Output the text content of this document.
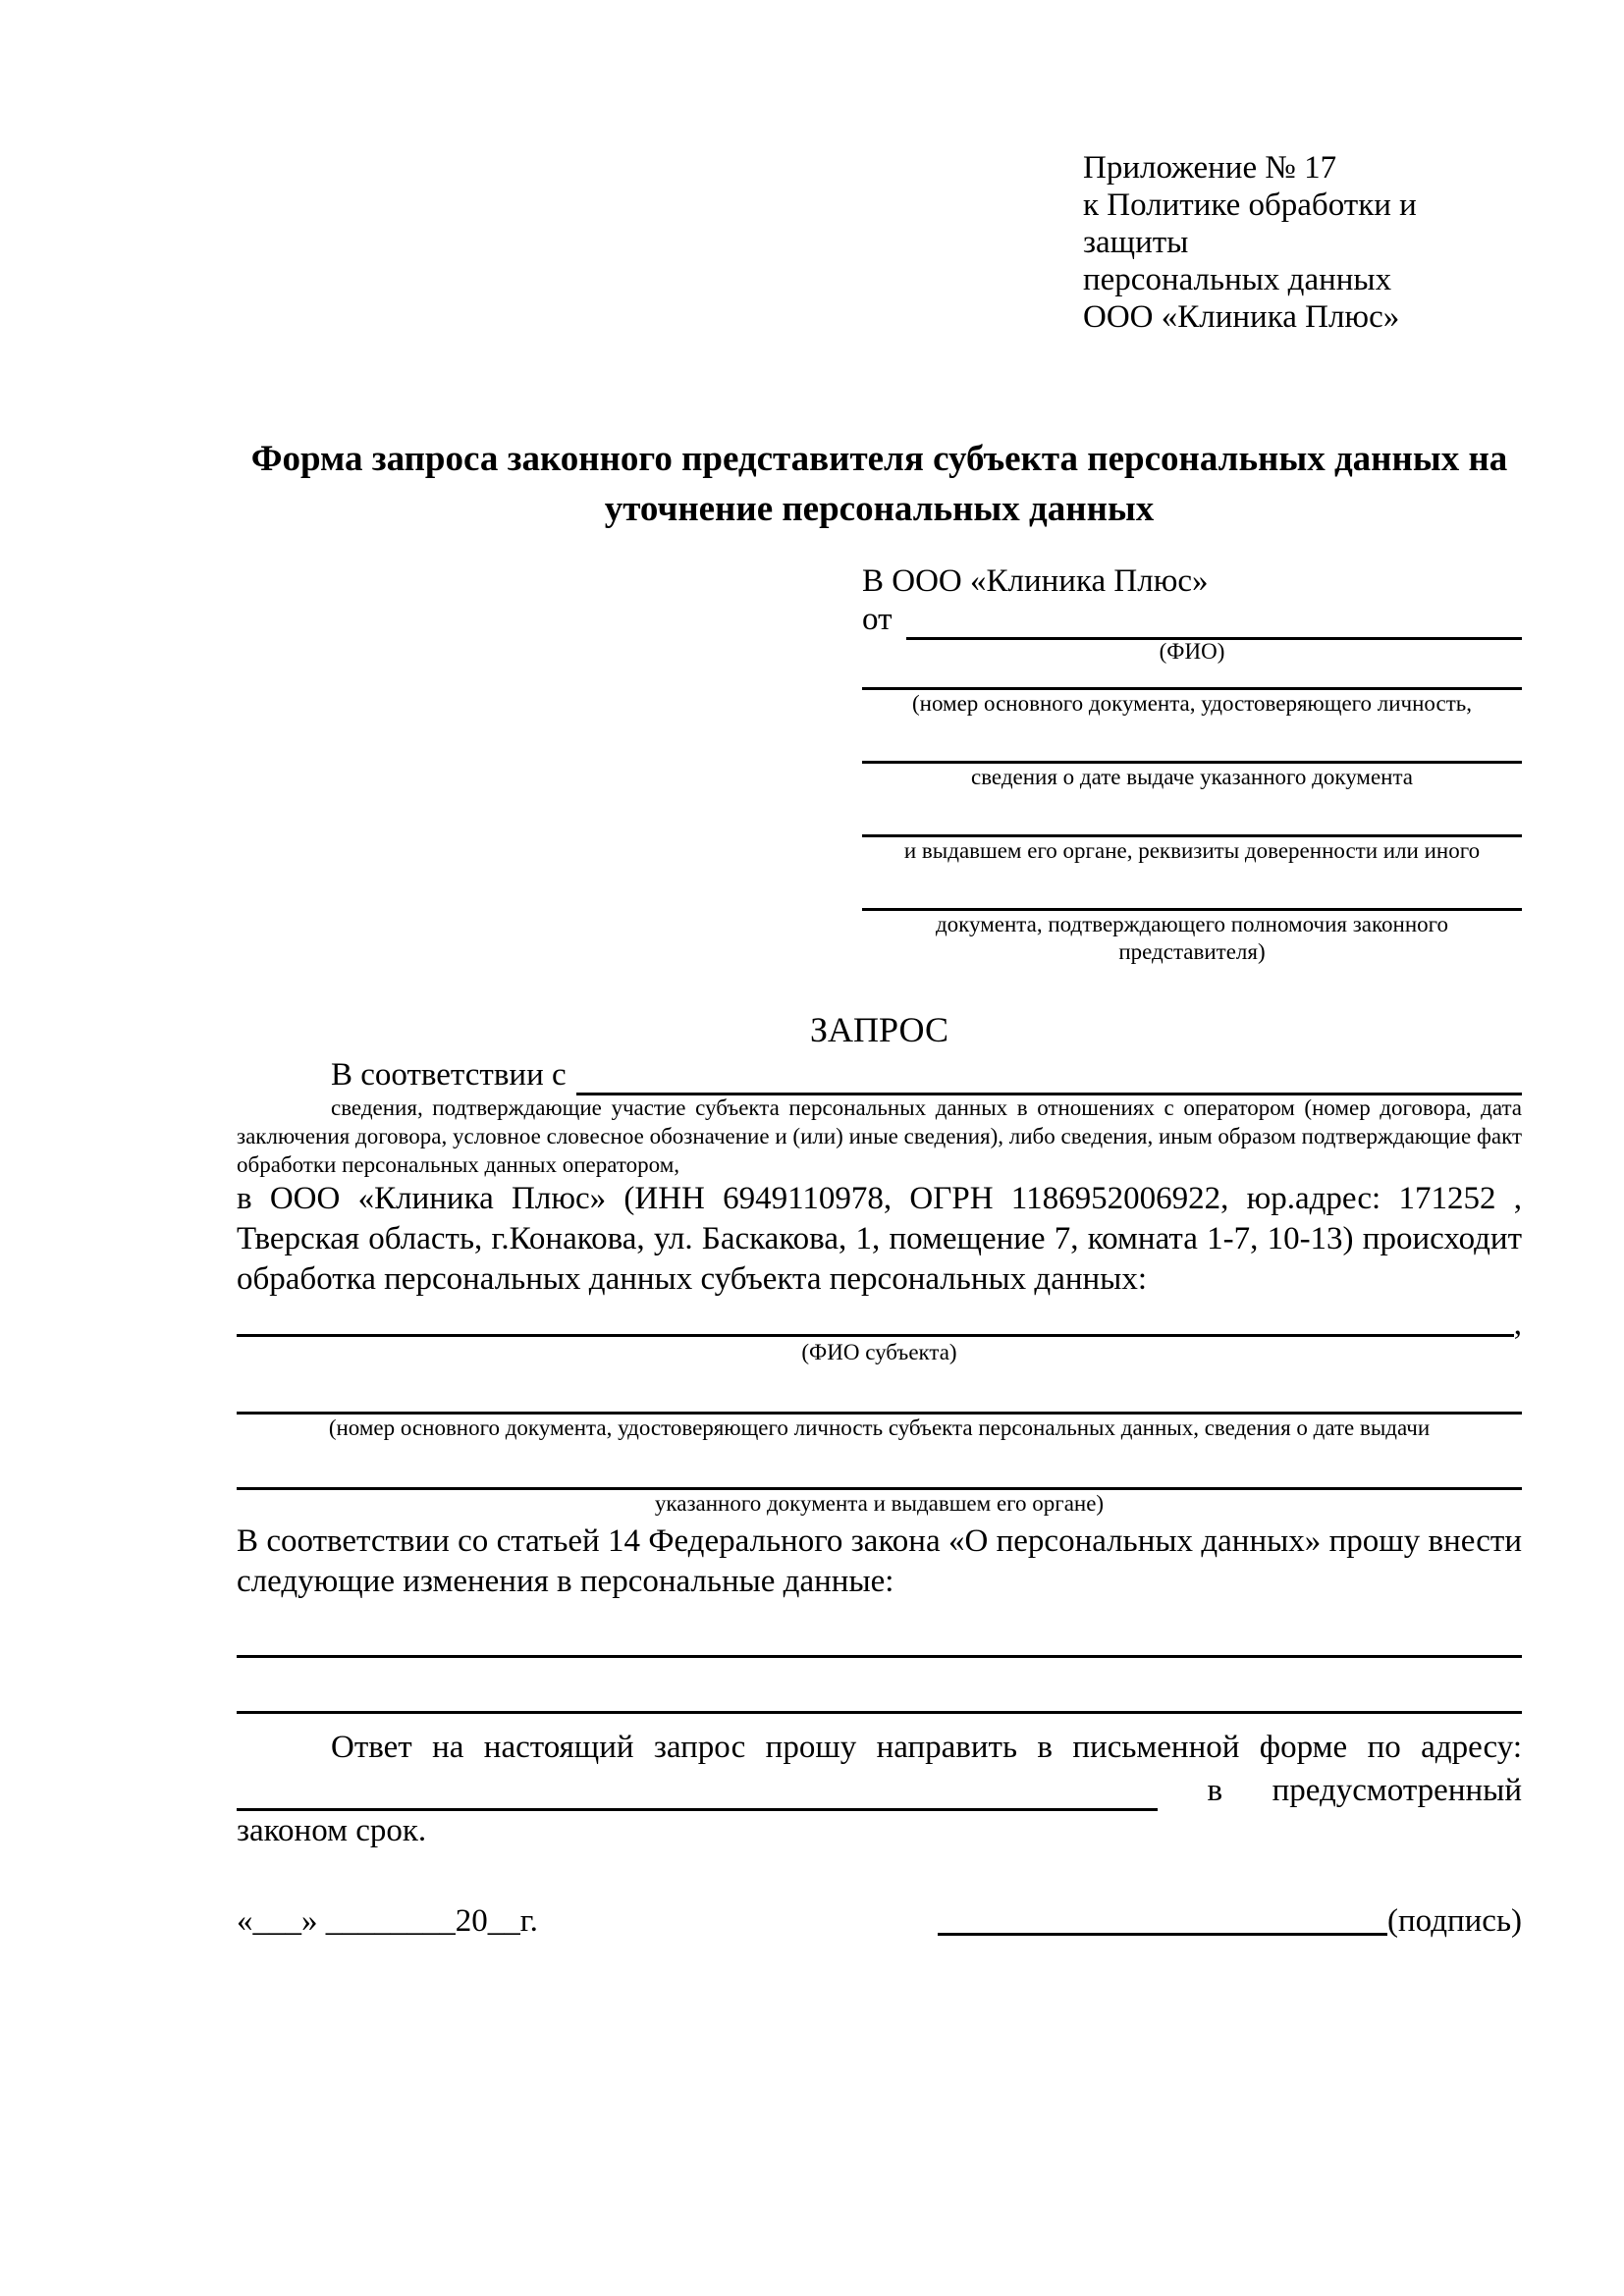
Приложение № 17
к Политике обработки и защиты
персональных данных
ООО «Клиника Плюс»
Форма запроса законного представителя субъекта персональных данных на уточнение персональных данных
В ООО «Клиника Плюс»
от
(ФИО)
(номер основного документа, удостоверяющего личность,
сведения о дате выдаче указанного документа
и выдавшем его органе, реквизиты доверенности или иного
документа, подтверждающего полномочия законного представителя)
ЗАПРОС
В соответствии с
сведения, подтверждающие участие субъекта персональных данных в отношениях с оператором (номер договора, дата заключения договора, условное словесное обозначение и (или) иные сведения), либо сведения, иным образом подтверждающие факт обработки персональных данных оператором,
в ООО «Клиника Плюс» (ИНН 6949110978, ОГРН 1186952006922, юр.адрес: 171252 , Тверская область, г.Конакова, ул. Баскакова, 1, помещение 7, комната 1-7, 10-13) происходит обработка персональных данных субъекта персональных данных:
,
(ФИО субъекта)
(номер основного документа, удостоверяющего личность субъекта персональных данных, сведения о дате выдачи
указанного документа и выдавшем его органе)
В соответствии со статьей 14 Федерального закона «О персональных данных» прошу внести следующие изменения в персональные данные:
Ответ на настоящий запрос прошу направить в письменной форме по адресу:
в предусмотренный
законом срок.
«___» ________20__г.	(подпись)
